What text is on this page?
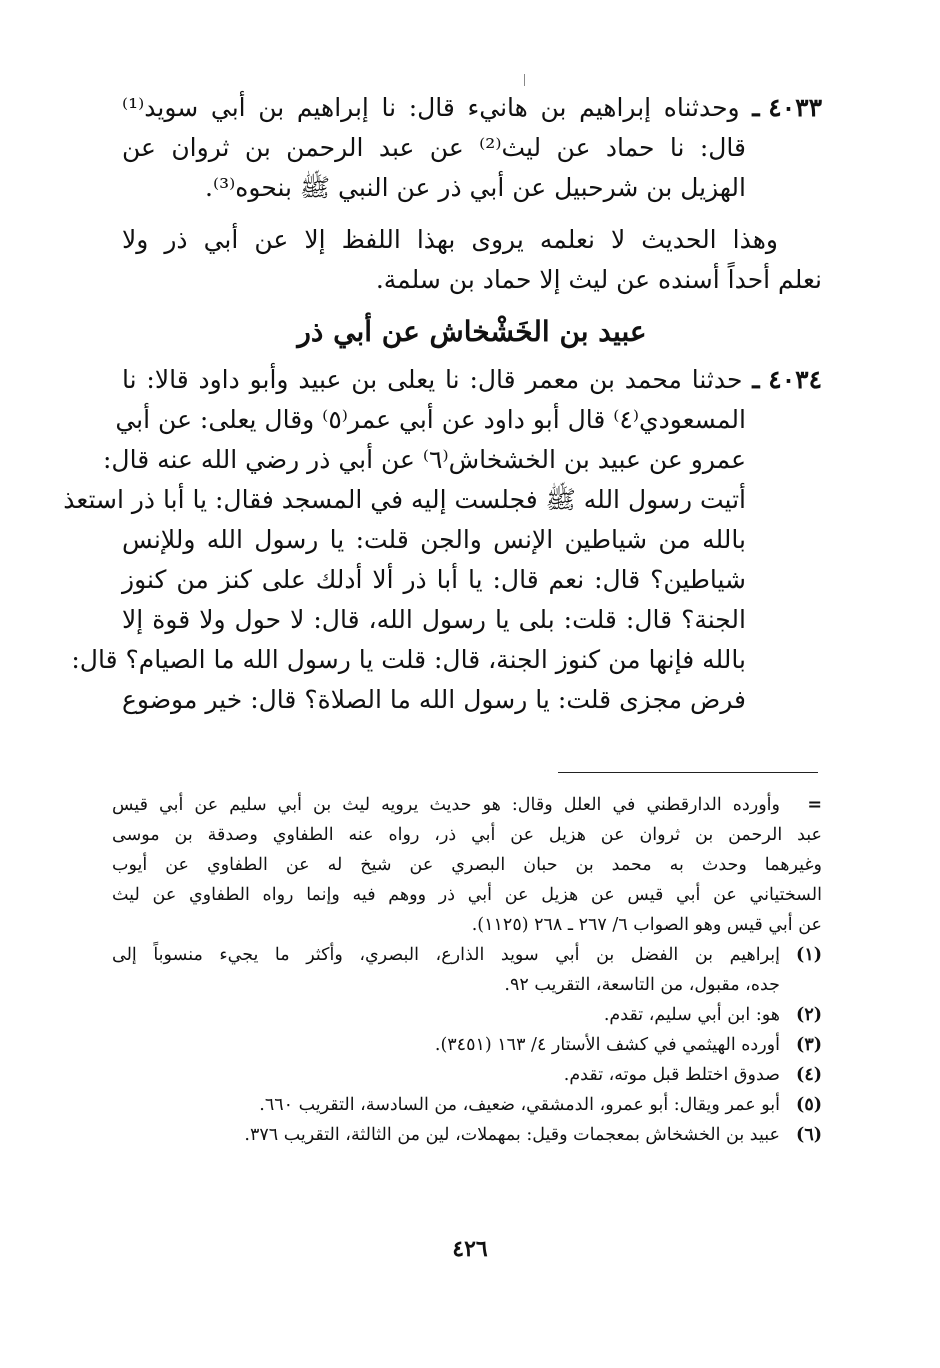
٤٠٣٣ ـ وحدثناه إبراهيم بن هانيء قال: نا إبراهيم بن أبي سويد⁽¹⁾
قال: نا حماد عن ليث⁽²⁾ عن عبد الرحمن بن ثروان عن
الهزيل بن شرحبيل عن أبي ذر عن النبي ﷺ بنحوه⁽³⁾.
وهذا الحديث لا نعلمه يروى بهذا اللفظ إلا عن أبي ذر ولا
نعلم أحداً أسنده عن ليث إلا حماد بن سلمة.
عبيد بن الخَشْخاش عن أبي ذر
٤٠٣٤ ـ حدثنا محمد بن معمر قال: نا يعلى بن عبيد وأبو داود قالا: نا
المسعودي⁽٤⁾ قال أبو داود عن أبي عمر⁽٥⁾ وقال يعلى: عن أبي
عمرو عن عبيد بن الخشخاش⁽٦⁾ عن أبي ذر رضي الله عنه قال:
أتيت رسول الله ﷺ فجلست إليه في المسجد فقال: يا أبا ذر استعذ
بالله من شياطين الإنس والجن قلت: يا رسول الله وللإنس
شياطين؟ قال: نعم قال: يا أبا ذر ألا أدلك على كنز من كنوز
الجنة؟ قال: قلت: بلى يا رسول الله، قال: لا حول ولا قوة إلا
بالله فإنها من كنوز الجنة، قال: قلت يا رسول الله ما الصيام؟ قال:
فرض مجزى قلت: يا رسول الله ما الصلاة؟ قال: خير موضوع
=وأورده الدارقطني في العلل وقال: هو حديث يرويه ليث بن أبي سليم عن أبي قيس
عبد الرحمن بن ثروان عن هزيل عن أبي ذر، رواه عنه الطفاوي وصدقة بن موسى
وغيرهما وحدث به محمد بن حبان البصري عن شيخ له عن الطفاوي عن أيوب
السختياني عن أبي قيس عن هزيل عن أبي ذر ووهم فيه وإنما رواه الطفاوي عن ليث
عن أبي قيس وهو الصواب ٦/ ٢٦٧ ـ ٢٦٨ (١١٢٥).
(١)إبراهيم بن الفضل بن أبي سويد الذارع، البصري، وأكثر ما يجيء منسوباً إلى
جده، مقبول، من التاسعة، التقريب ٩٢.
(٢)هو: ابن أبي سليم، تقدم.
(٣)أورده الهيثمي في كشف الأستار ٤/ ١٦٣ (٣٤٥١).
(٤)صدوق اختلط قبل موته، تقدم.
(٥)أبو عمر ويقال: أبو عمرو، الدمشقي، ضعيف، من السادسة، التقريب ٦٦٠.
(٦)عبيد بن الخشخاش بمعجمات وقيل: بمهملات، لين من الثالثة، التقريب ٣٧٦.
٤٢٦
